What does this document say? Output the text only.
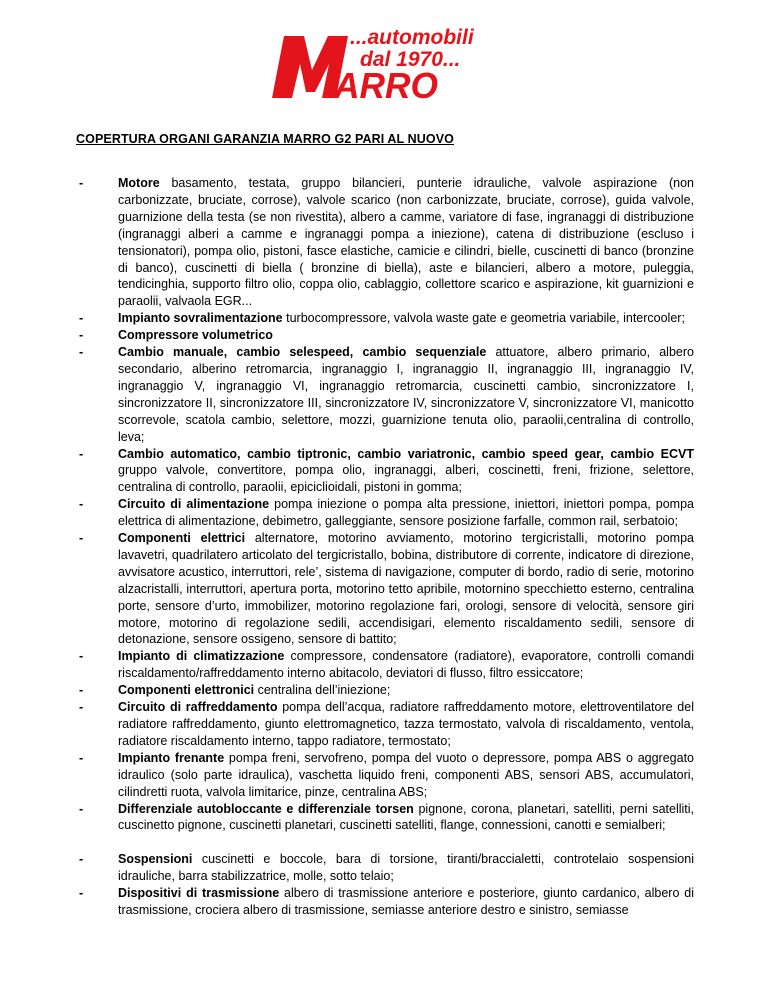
...automobili
dal 1970...
ARRO
COPERTURA ORGANI GARANZIA MARRO G2 PARI AL NUOVO
-	Motore basamento, testata, gruppo bilancieri, punterie idrauliche, valvole aspirazione (non carbonizzate, bruciate, corrose), valvole scarico (non carbonizzate, bruciate, corrose), guida valvole, guarnizione della testa (se non rivestita), albero a camme, variatore di fase, ingranaggi di distribuzione (ingranaggi alberi a camme e ingranaggi pompa a iniezione), catena di distribuzione (escluso i tensionatori), pompa olio, pistoni, fasce elastiche, camicie e cilindri, bielle, cuscinetti di banco (bronzine di banco), cuscinetti di biella ( bronzine di biella), aste e bilancieri, albero a motore, puleggia, tendicinghia, supporto filtro olio, coppa olio, cablaggio, collettore scarico e aspirazione, kit guarnizioni e paraolii, valvaola EGR...
-	Impianto sovralimentazione turbocompressore, valvola waste gate e geometria variabile, intercooler;
-	Compressore volumetrico
-	Cambio manuale, cambio selespeed, cambio sequenziale attuatore, albero primario, albero secondario, alberino retromarcia, ingranaggio I, ingranaggio II, ingranaggio III, ingranaggio IV, ingranaggio V, ingranaggio VI, ingranaggio retromarcia, cuscinetti cambio, sincronizzatore I, sincronizzatore II, sincronizzatore III, sincronizzatore IV, sincronizzatore V, sincronizzatore VI, manicotto scorrevole, scatola cambio, selettore, mozzi, guarnizione tenuta olio, paraolii,centralina di controllo, leva;
-	Cambio automatico, cambio tiptronic, cambio variatronic, cambio speed gear, cambio ECVT gruppo valvole, convertitore, pompa olio, ingranaggi, alberi, coscinetti, freni, frizione, selettore, centralina di controllo, paraolii, epiciclioidali, pistoni in gomma;
-	Circuito di alimentazione pompa iniezione o pompa alta pressione, iniettori, iniettori pompa, pompa elettrica di alimentazione, debimetro, galleggiante, sensore posizione farfalle, common rail, serbatoio;
-	Componenti elettrici alternatore, motorino avviamento, motorino tergicristalli, motorino pompa lavavetri, quadrilatero articolato del tergicristallo, bobina, distributore di corrente, indicatore di direzione, avvisatore acustico, interruttori, rele’, sistema di navigazione, computer di bordo, radio di serie, motorino alzacristalli, interruttori, apertura porta, motorino tetto apribile, motornino specchietto esterno, centralina porte, sensore d’urto, immobilizer, motorino regolazione fari, orologi, sensore di velocità, sensore giri motore, motorino di regolazione sedili, accendisigari, elemento riscaldamento sedili, sensore di detonazione, sensore ossigeno, sensore di battito;
-	Impianto di climatizzazione compressore, condensatore (radiatore), evaporatore, controlli comandi riscaldamento/raffreddamento interno abitacolo, deviatori di flusso, filtro essiccatore;
-	Componenti elettronici centralina dell’iniezione;
-	Circuito di raffreddamento pompa dell’acqua, radiatore raffreddamento motore, elettroventilatore del radiatore raffreddamento, giunto elettromagnetico, tazza termostato, valvola di riscaldamento, ventola, radiatore riscaldamento interno, tappo radiatore, termostato;
-	Impianto frenante pompa freni, servofreno, pompa del vuoto o depressore, pompa ABS o aggregato idraulico (solo parte idraulica), vaschetta liquido freni, componenti ABS, sensori ABS, accumulatori, cilindretti ruota, valvola limitarice, pinze, centralina ABS;
-	Differenziale autobloccante e differenziale torsen pignone, corona, planetari, satelliti, perni satelliti, cuscinetto pignone, cuscinetti planetari, cuscinetti satelliti, flange, connessioni, canotti e semialberi;
-	Sospensioni cuscinetti e boccole, bara di torsione, tiranti/braccialetti, controtelaio sospensioni idrauliche, barra stabilizzatrice, molle, sotto telaio;
-	Dispositivi di trasmissione albero di trasmissione anteriore e posteriore, giunto cardanico, albero di trasmissione, crociera albero di trasmissione, semiasse anteriore destro e sinistro, semiasse
